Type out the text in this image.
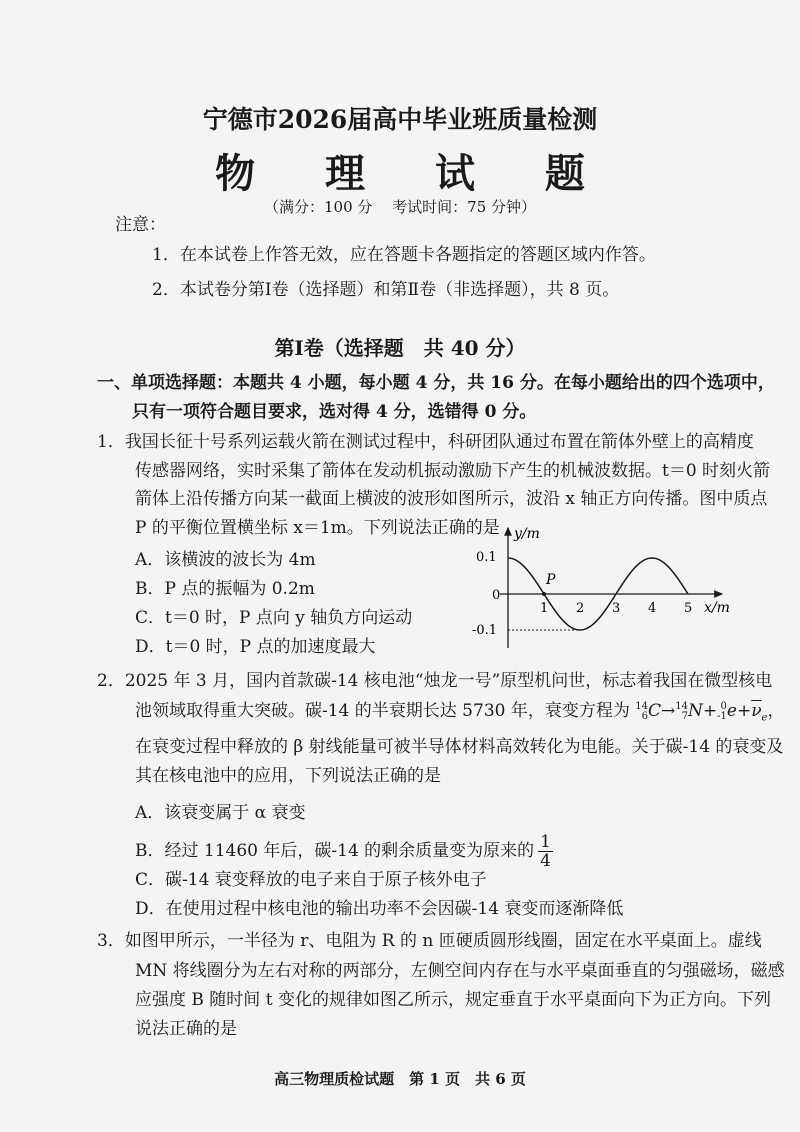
宁德市2026届高中毕业班质量检测
物 理 试 题
（满分：100 分　 考试时间：75 分钟）
注意：
1．在本试卷上作答无效，应在答题卡各题指定的答题区域内作答。
2．本试卷分第Ⅰ卷（选择题）和第Ⅱ卷（非选择题），共 8 页。
第Ⅰ卷（选择题　共 40 分）
一、单项选择题：本题共 4 小题，每小题 4 分，共 16 分。在每小题给出的四个选项中，
只有一项符合题目要求，选对得 4 分，选错得 0 分。
1．我国长征十号系列运载火箭在测试过程中，科研团队通过布置在箭体外壁上的高精度
传感器网络，实时采集了箭体在发动机振动激励下产生的机械波数据。t＝0 时刻火箭
箭体上沿传播方向某一截面上横波的波形如图所示，波沿 x 轴正方向传播。图中质点
P 的平衡位置横坐标 x＝1m。下列说法正确的是
A．该横波的波长为 4m
B．P 点的振幅为 0.2m
C．t＝0 时，P 点向 y 轴负方向运动
D．t＝0 时，P 点的加速度最大
y/m
x/m
0.1
0
-0.1
P
1 2 3 4 5
2．2025 年 3 月，国内首款碳-14 核电池“烛龙一号”原型机问世，标志着我国在微型核电
池领域取得重大突破。碳-14 的半衰期长达 5730 年，衰变方程为 14
6C→14
7N+ 0
$-1e+\overline{\nu}_e$，
在衰变过程中释放的 β 射线能量可被半导体材料高效转化为电能。关于碳-14 的衰变及
其在核电池中的应用，下列说法正确的是
A．该衰变属于 α 衰变
B．经过 11460 年后，碳-14 的剩余质量变为原来的 $\frac{1}{4}$
C．碳-14 衰变释放的电子来自于原子核外电子
D．在使用过程中核电池的输出功率不会因碳-14 衰变而逐渐降低
3．如图甲所示，一半径为 r、电阻为 R 的 n 匝硬质圆形线圈，固定在水平桌面上。虚线
MN 将线圈分为左右对称的两部分，左侧空间内存在与水平桌面垂直的匀强磁场，磁感
应强度 B 随时间 t 变化的规律如图乙所示，规定垂直于水平桌面向下为正方向。下列
说法正确的是
高三物理质检试题　第 1 页　共 6 页
